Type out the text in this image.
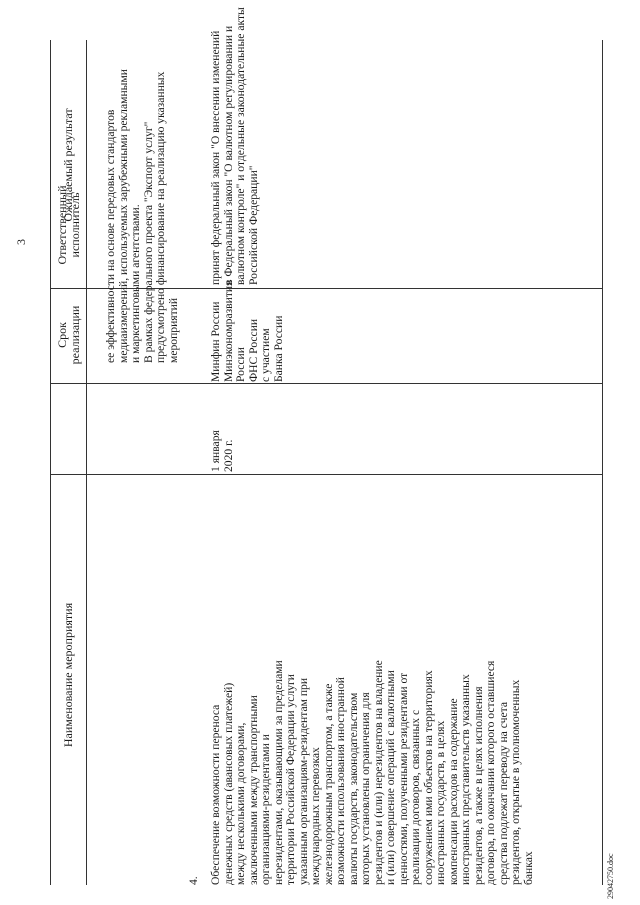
3
Наименование мероприятия
Срок
реализации
Ответственный
исполнитель
Ожидаемый результат	ее эффективности на основе передовых стандартов медиаизмерений, используемых зарубежными рекламными и маркетинговыми агентствами. В рамках федерального проекта "Экспорт услуг" предусмотрено финансирование на реализацию указанных мероприятий
4. Обеспечение возможности переноса денежных средств (авансовых платежей) между несколькими договорами, заключенными между транспортными организациями-резидентами и нерезидентами, оказывающими за пределами территории Российской Федерации услуги указанным организациям-резидентам при международных перевозках железнодорожным транспортом, а также возможности использования иностранной валюты государств, законодательством которых установлены ограничения для резидентов и (или) нерезидентов на владение и (или) совершение операций с валютными ценностями, полученными резидентами от реализации договоров, связанных с сооружением ими объектов на территориях иностранных государств, в целях компенсации расходов на содержание иностранных представительств указанных резидентов, а также в целях исполнения договора, по окончании которого оставшиеся средства подлежат переводу на счета резидентов, открытые в уполномоченных банках
1 января 2020 г.
Минфин России Минэкономразвития России ФНС России с участием Банка России
принят федеральный закон "О внесении изменений в Федеральный закон "О валютном регулировании и валютном контроле" и отдельные законодательные акты Российской Федерации"
29042750.doc
